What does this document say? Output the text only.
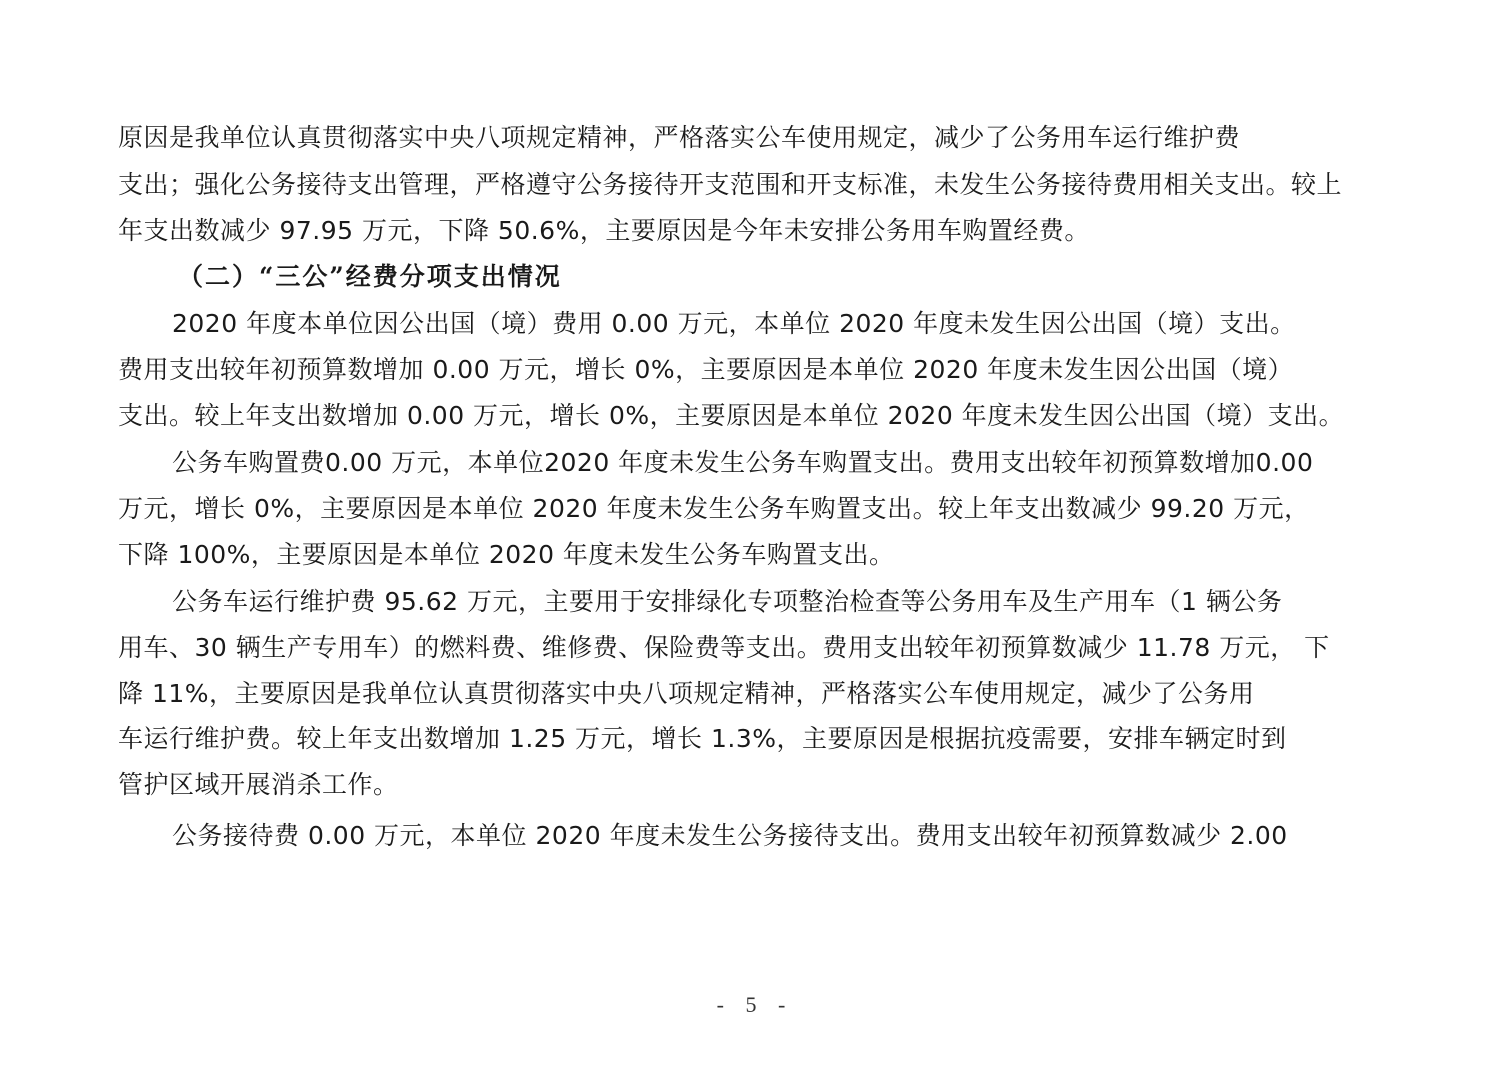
原因是我单位认真贯彻落实中央八项规定精神，严格落实公车使用规定，减少了公务用车运行维护费
支出；强化公务接待支出管理，严格遵守公务接待开支范围和开支标准，未发生公务接待费用相关支出。较上
年支出数减少 97.95 万元，下降 50.6%，主要原因是今年未安排公务用车购置经费。
（二）“三公”经费分项支出情况
2020 年度本单位因公出国（境）费用 0.00 万元，本单位 2020 年度未发生因公出国（境）支出。
费用支出较年初预算数增加 0.00 万元，增长 0%，主要原因是本单位 2020 年度未发生因公出国（境）
支出。较上年支出数增加 0.00 万元，增长 0%，主要原因是本单位 2020 年度未发生因公出国（境）支出。
公务车购置费0.00 万元，本单位2020 年度未发生公务车购置支出。费用支出较年初预算数增加0.00
万元，增长 0%，主要原因是本单位 2020 年度未发生公务车购置支出。较上年支出数减少 99.20 万元，
下降 100%，主要原因是本单位 2020 年度未发生公务车购置支出。
公务车运行维护费 95.62 万元，主要用于安排绿化专项整治检查等公务用车及生产用车（1 辆公务
用车、30 辆生产专用车）的燃料费、维修费、保险费等支出。费用支出较年初预算数减少 11.78 万元， 下
降 11%，主要原因是我单位认真贯彻落实中央八项规定精神，严格落实公车使用规定，减少了公务用
车运行维护费。较上年支出数增加 1.25 万元，增长 1.3%，主要原因是根据抗疫需要，安排车辆定时到
管护区域开展消杀工作。
公务接待费 0.00 万元，本单位 2020 年度未发生公务接待支出。费用支出较年初预算数减少 2.00
- 5 -
